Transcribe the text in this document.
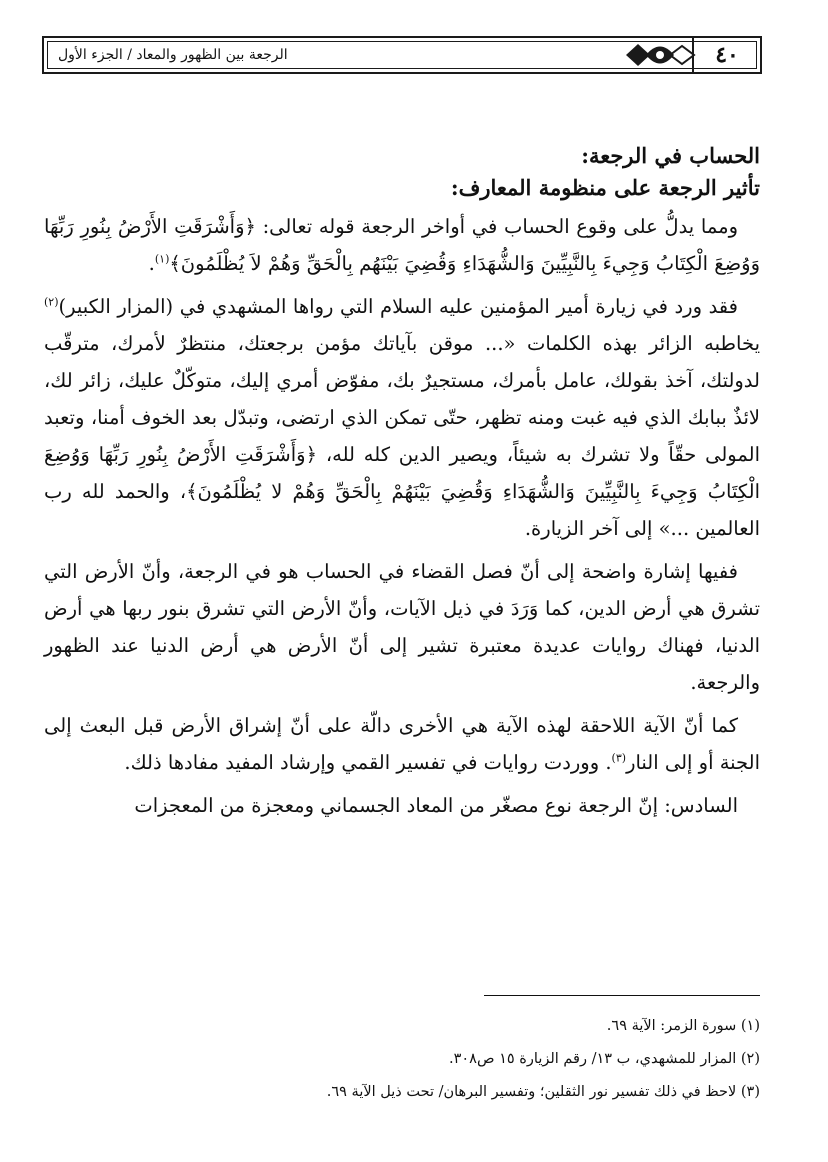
٤٠
الرجعة بين الظهور والمعاد / الجزء الأول
الحساب في الرجعة:
تأثير الرجعة على منظومة المعارف:

ومما يدلُّ على وقوع الحساب في أواخر الرجعة قوله تعالى: ﴿وَأَشْرَقَتِ الأَرْضُ بِنُورِ رَبِّهَا وَوُضِعَ الْكِتَابُ وَجِيءَ بِالنَّبِيِّينَ وَالشُّهَدَاءِ وَقُضِيَ بَيْنَهُم بِالْحَقِّ وَهُمْ لاَ يُظْلَمُونَ﴾$^{(١)}$.

فقد ورد في زيارة أمير المؤمنين عليه السلام التي رواها المشهدي في (المزار الكبير)$^{(٢)}$ يخاطبه الزائر بهذه الكلمات «... موقن بآياتك مؤمن برجعتك، منتظرٌ لأمرك، مترقّب لدولتك، آخذ بقولك، عامل بأمرك، مستجيرٌ بك، مفوّض أمري إليك، متوكّلٌ عليك، زائر لك، لائذٌ ببابك الذي فيه غبت ومنه تظهر، حتّى تمكن الذي ارتضى، وتبدّل بعد الخوف أمنا، وتعبد المولى حقّاً ولا تشرك به شيئاً، ويصير الدين كله لله، ﴿وَأَشْرَقَتِ الأَرْضُ بِنُورِ رَبِّهَا وَوُضِعَ الْكِتَابُ وَجِيءَ بِالنَّبِيِّينَ وَالشُّهَدَاءِ وَقُضِيَ بَيْنَهُمْ بِالْحَقِّ وَهُمْ لا يُظْلَمُونَ﴾، والحمد لله رب العالمين ...» إلى آخر الزيارة.

ففيها إشارة واضحة إلى أنّ فصل القضاء في الحساب هو في الرجعة، وأنّ الأرض التي تشرق هي أرض الدين، كما وَرَدَ في ذيل الآيات، وأنّ الأرض التي تشرق بنور ربها هي أرض الدنيا، فهناك روايات عديدة معتبرة تشير إلى أنّ الأرض هي أرض الدنيا عند الظهور والرجعة.

كما أنّ الآية اللاحقة لهذه الآية هي الأخرى دالّة على أنّ إشراق الأرض قبل البعث إلى الجنة أو إلى النار$^{(٣)}$. ووردت روايات في تفسير القمي وإرشاد المفيد مفادها ذلك.

السادس: إنّ الرجعة نوع مصغّر من المعاد الجسماني ومعجزة من المعجزات

(١) سورة الزمر: الآية ٦٩.
(٢) المزار للمشهدي، ب ١٣/ رقم الزيارة ١٥ ص٣٠٨.
(٣) لاحظ في ذلك تفسير نور الثقلين؛ وتفسير البرهان/ تحت ذيل الآية ٦٩.
